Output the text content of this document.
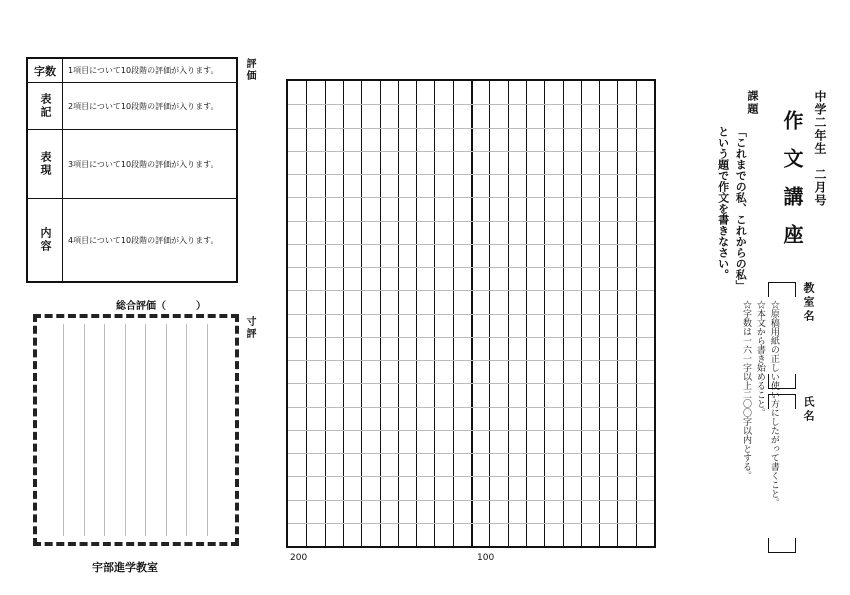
字数	1項目について10段階の評価が入ります。
表記	2項目について10段階の評価が入ります。
表現	3項目について10段階の評価が入ります。
内容	4項目について10段階の評価が入ります。
評価
総合評価（　　　）
寸評
宇部進学教室
200	100
中学二年生　二月号
作文講座
課題
「これまでの私、これからの私」という題で作文を書きなさい。
教室名
氏名
☆原稿用紙の正しい使い方にしたがって書くこと。
☆本文から書き始めること。
☆字数は一六一字以上二〇〇字以内とする。
